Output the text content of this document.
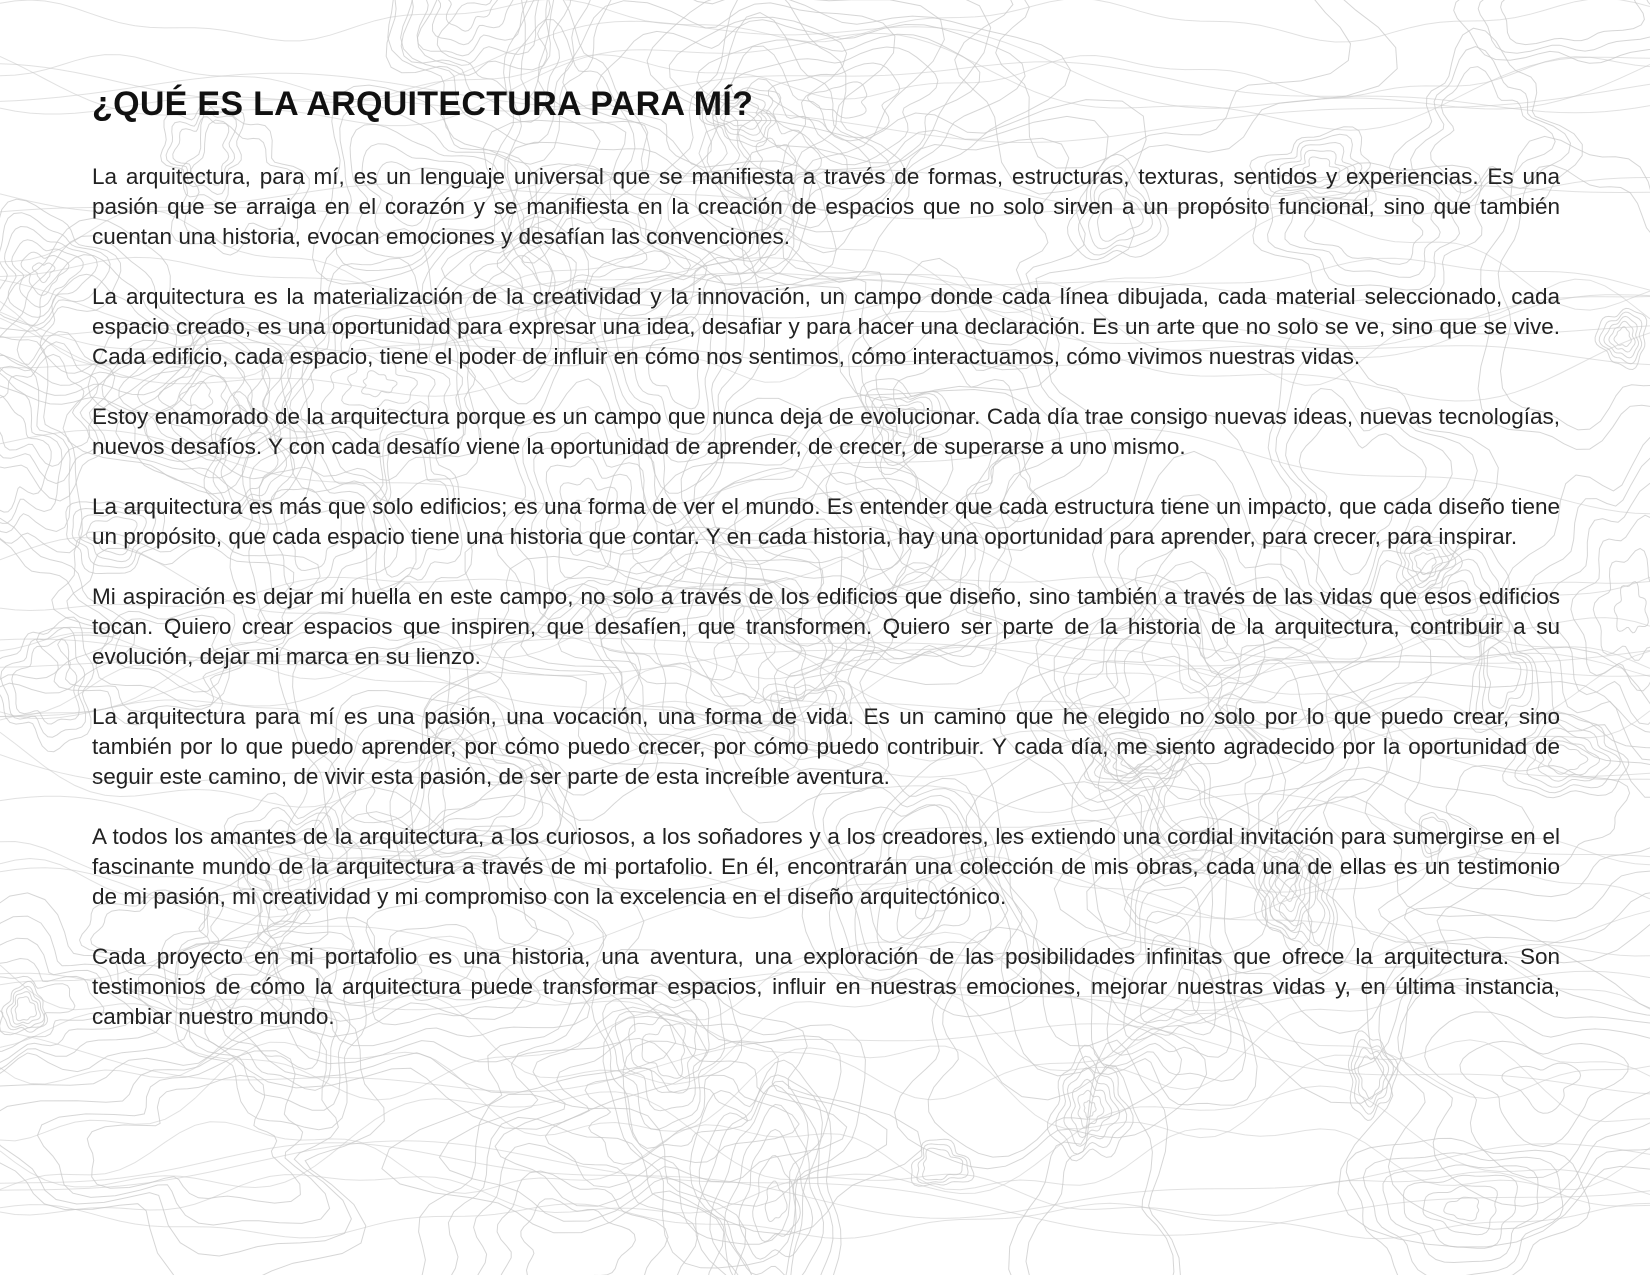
¿QUÉ ES LA ARQUITECTURA PARA MÍ?

La arquitectura, para mí, es un lenguaje universal que se manifiesta a través de formas, estructuras, texturas, sentidos y experiencias. Es una pasión que se arraiga en el corazón y se manifiesta en la creación de espacios que no solo sirven a un propósito funcional, sino que también cuentan una historia, evocan emociones y desafían las convenciones.

La arquitectura es la materialización de la creatividad y la innovación, un campo donde cada línea dibujada, cada material seleccionado, cada espacio creado, es una oportunidad para expresar una idea, desafiar y para hacer una declaración. Es un arte que no solo se ve, sino que se vive. Cada edificio, cada espacio, tiene el poder de influir en cómo nos sentimos, cómo interactuamos, cómo vivimos nuestras vidas.

Estoy enamorado de la arquitectura porque es un campo que nunca deja de evolucionar. Cada día trae consigo nuevas ideas, nuevas tecnologías, nuevos desafíos. Y con cada desafío viene la oportunidad de aprender, de crecer, de superarse a uno mismo.

La arquitectura es más que solo edificios; es una forma de ver el mundo. Es entender que cada estructura tiene un impacto, que cada diseño tiene un propósito, que cada espacio tiene una historia que contar. Y en cada historia, hay una oportunidad para aprender, para crecer, para inspirar.

Mi aspiración es dejar mi huella en este campo, no solo a través de los edificios que diseño, sino también a través de las vidas que esos edificios tocan. Quiero crear espacios que inspiren, que desafíen, que transformen. Quiero ser parte de la historia de la arquitectura, contribuir a su evolución, dejar mi marca en su lienzo.

La arquitectura para mí es una pasión, una vocación, una forma de vida. Es un camino que he elegido no solo por lo que puedo crear, sino también por lo que puedo aprender, por cómo puedo crecer, por cómo puedo contribuir. Y cada día, me siento agradecido por la oportunidad de seguir este camino, de vivir esta pasión, de ser parte de esta increíble aventura.

A todos los amantes de la arquitectura, a los curiosos, a los soñadores y a los creadores, les extiendo una cordial invitación para sumergirse en el fascinante mundo de la arquitectura a través de mi portafolio. En él, encontrarán una colección de mis obras, cada una de ellas es un testimonio de mi pasión, mi creatividad y mi compromiso con la excelencia en el diseño arquitectónico.

Cada proyecto en mi portafolio es una historia, una aventura, una exploración de las posibilidades infinitas que ofrece la arquitectura. Son testimonios de cómo la arquitectura puede transformar espacios, influir en nuestras emociones, mejorar nuestras vidas y, en última instancia, cambiar nuestro mundo.
